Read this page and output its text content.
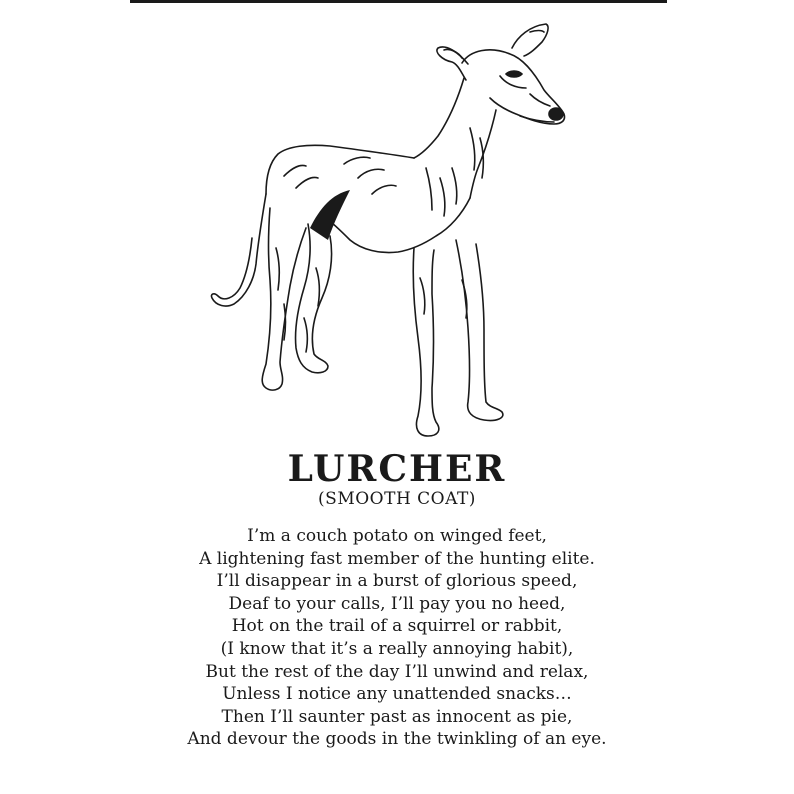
LURCHER
(SMOOTH COAT)
I’m a couch potato on winged feet,
A lightening fast member of the hunting elite.
I’ll disappear in a burst of glorious speed,
Deaf to your calls, I’ll pay you no heed,
Hot on the trail of a squirrel or rabbit,
(I know that it’s a really annoying habit),
But the rest of the day I’ll unwind and relax,
Unless I notice any unattended snacks…
Then I’ll saunter past as innocent as pie,
And devour the goods in the twinkling of an eye.
